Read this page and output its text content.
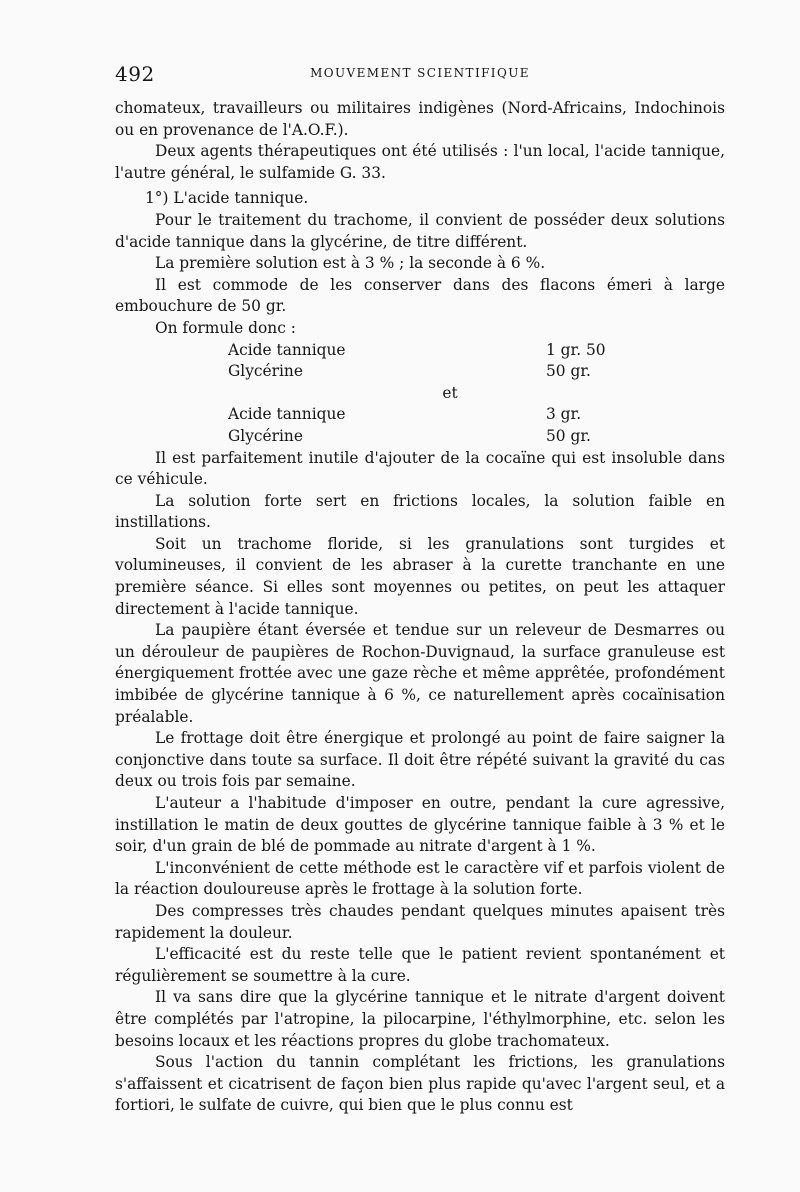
492	MOUVEMENT SCIENTIFIQUE

chomateux, travailleurs ou militaires indigènes (Nord-Africains, Indochinois ou en provenance de l'A.O.F.).

Deux agents thérapeutiques ont été utilisés : l'un local, l'acide tannique, l'autre général, le sulfamide G. 33.

1°) L'acide tannique.

Pour le traitement du trachome, il convient de posséder deux solutions d'acide tannique dans la glycérine, de titre différent.

La première solution est à 3 % ; la seconde à 6 %.

Il est commode de les conserver dans des flacons émeri à large embouchure de 50 gr.

On formule donc :

Acide tannique	1 gr. 50
Glycérine	50 gr.
et
Acide tannique	3 gr.
Glycérine	50 gr.

Il est parfaitement inutile d'ajouter de la cocaïne qui est insoluble dans ce véhicule.

La solution forte sert en frictions locales, la solution faible en instillations.

Soit un trachome floride, si les granulations sont turgides et volumineuses, il convient de les abraser à la curette tranchante en une première séance. Si elles sont moyennes ou petites, on peut les attaquer directement à l'acide tannique.

La paupière étant éversée et tendue sur un releveur de Desmarres ou un dérouleur de paupières de Rochon-Duvignaud, la surface granuleuse est énergiquement frottée avec une gaze rèche et même apprêtée, profondément imbibée de glycérine tannique à 6 %, ce naturellement après cocaïnisation préalable.

Le frottage doit être énergique et prolongé au point de faire saigner la conjonctive dans toute sa surface. Il doit être répété suivant la gravité du cas deux ou trois fois par semaine.

L'auteur a l'habitude d'imposer en outre, pendant la cure agressive, instillation le matin de deux gouttes de glycérine tannique faible à 3 % et le soir, d'un grain de blé de pommade au nitrate d'argent à 1 %.

L'inconvénient de cette méthode est le caractère vif et parfois violent de la réaction douloureuse après le frottage à la solution forte.

Des compresses très chaudes pendant quelques minutes apaisent très rapidement la douleur.

L'efficacité est du reste telle que le patient revient spontanément et régulièrement se soumettre à la cure.

Il va sans dire que la glycérine tannique et le nitrate d'argent doivent être complétés par l'atropine, la pilocarpine, l'éthylmorphine, etc. selon les besoins locaux et les réactions propres du globe trachomateux.

Sous l'action du tannin complétant les frictions, les granulations s'affaissent et cicatrisent de façon bien plus rapide qu'avec l'argent seul, et a fortiori, le sulfate de cuivre, qui bien que le plus connu est
